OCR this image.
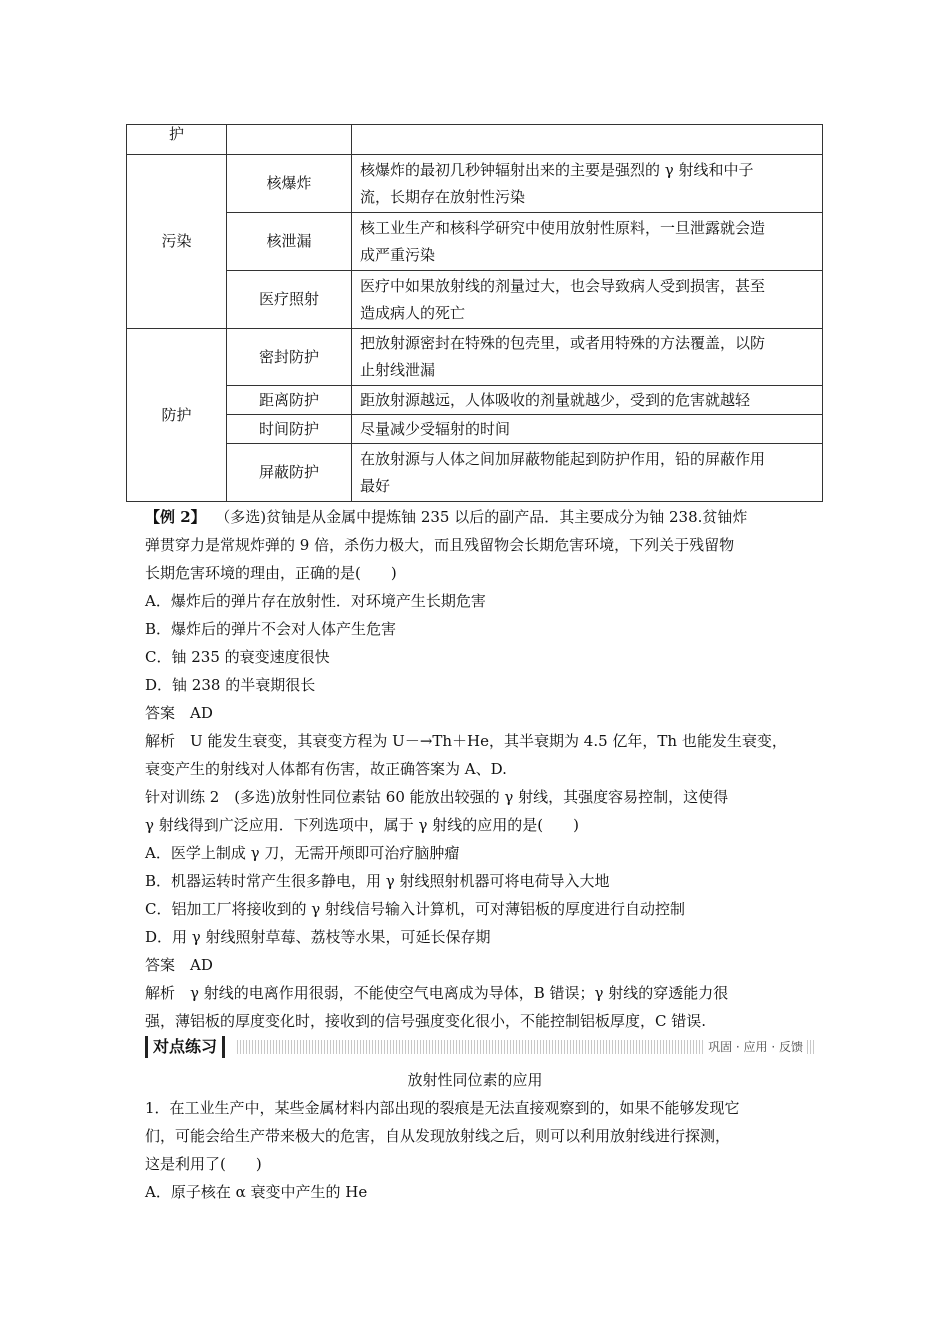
护		
污染	核爆炸	核爆炸的最初几秒钟辐射出来的主要是强烈的 γ 射线和中子
流，长期存在放射性污染

	核泄漏	核工业生产和核科学研究中使用放射性原料，一旦泄露就会造
成严重污染

	医疗照射	医疗中如果放射线的剂量过大，也会导致病人受到损害，甚至
造成病人的死亡

防护	密封防护	把放射源密封在特殊的包壳里，或者用特殊的方法覆盖，以防
止射线泄漏

	距离防护	距放射源越远，人体吸收的剂量就越少，受到的危害就越轻
	时间防护	尽量减少受辐射的时间
	屏蔽防护	在放射源与人体之间加屏蔽物能起到防护作用，铅的屏蔽作用
最好
【例 2】 （多选)贫铀是从金属中提炼铀 235 以后的副产品．其主要成分为铀 238.贫铀炸
弹贯穿力是常规炸弹的 9 倍，杀伤力极大，而且残留物会长期危害环境，下列关于残留物
长期危害环境的理由，正确的是(　　)
A．爆炸后的弹片存在放射性．对环境产生长期危害
B．爆炸后的弹片不会对人体产生危害
C．铀 235 的衰变速度很快
D．铀 238 的半衰期很长
答案　AD
解析　U 能发生衰变，其衰变方程为 U－→Th＋He，其半衰期为 4.5 亿年，Th 也能发生衰变，
衰变产生的射线对人体都有伤害，故正确答案为 A、D.
针对训练 2　(多选)放射性同位素钴 60 能放出较强的 γ 射线，其强度容易控制，这使得
γ 射线得到广泛应用．下列选项中，属于 γ 射线的应用的是(　　)
A．医学上制成 γ 刀，无需开颅即可治疗脑肿瘤
B．机器运转时常产生很多静电，用 γ 射线照射机器可将电荷导入大地
C．铝加工厂将接收到的 γ 射线信号输入计算机，可对薄铝板的厚度进行自动控制
D．用 γ 射线照射草莓、荔枝等水果，可延长保存期
答案　AD
解析　γ 射线的电离作用很弱，不能使空气电离成为导体，B 错误；γ 射线的穿透能力很
强，薄铝板的厚度变化时，接收到的信号强度变化很小，不能控制铝板厚度，C 错误.
对点练习	巩固 · 应用 · 反馈
放射性同位素的应用
1．在工业生产中，某些金属材料内部出现的裂痕是无法直接观察到的，如果不能够发现它
们，可能会给生产带来极大的危害，自从发现放射线之后，则可以利用放射线进行探测，
这是利用了(　　)
A．原子核在 α 衰变中产生的 He
